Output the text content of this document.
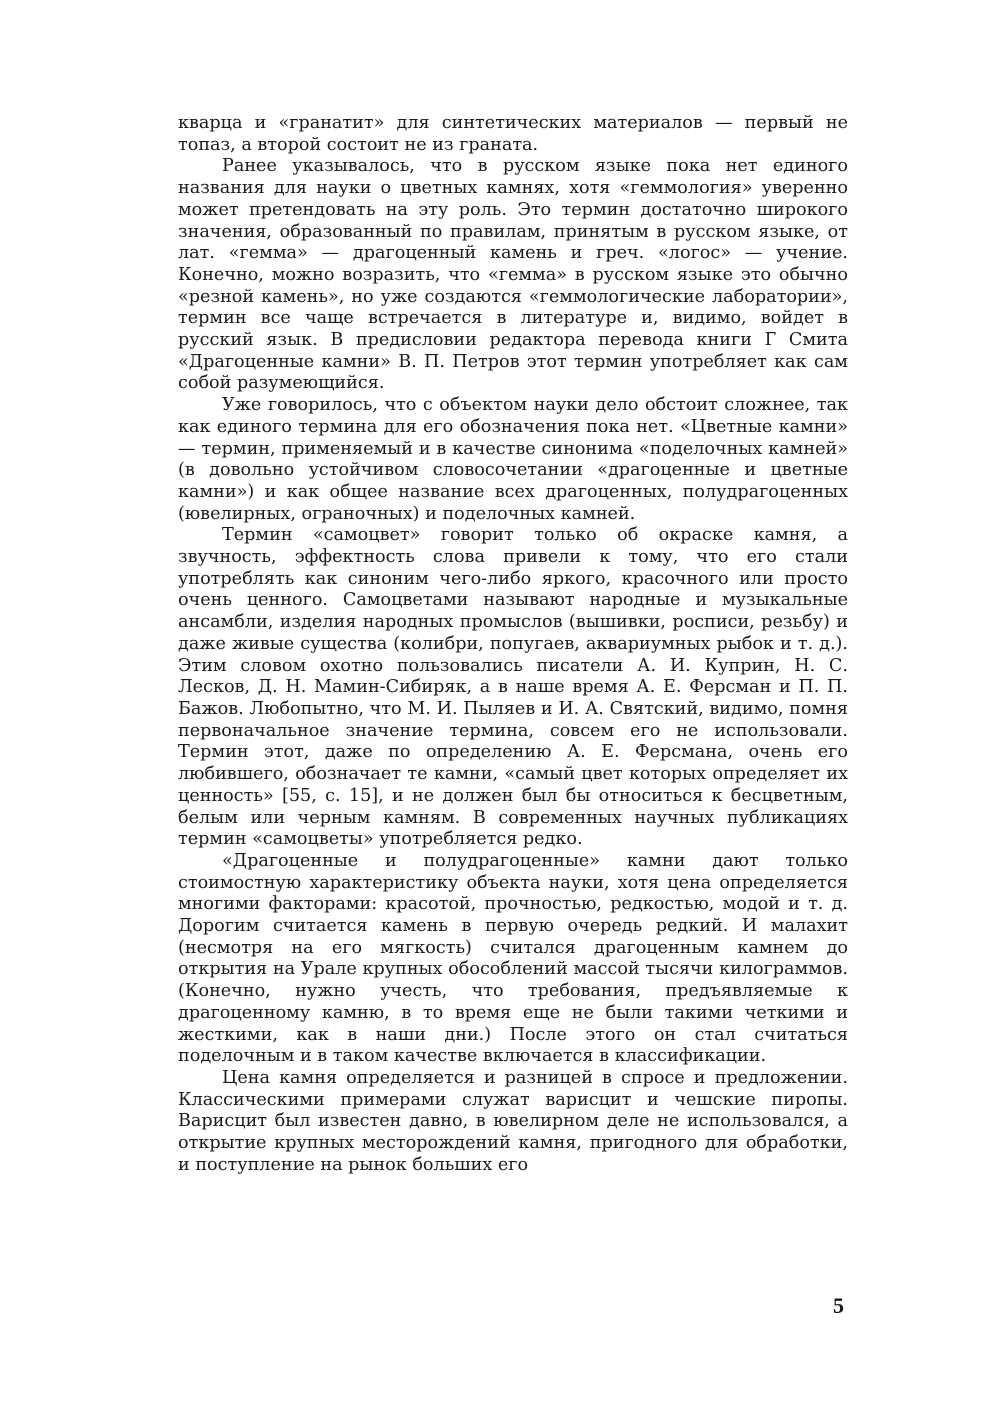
кварца и «гранатит» для синтетических материалов — первый не топаз, а второй состоит не из граната.

Ранее указывалось, что в русском языке пока нет единого названия для науки о цветных камнях, хотя «геммология» уверенно может претендовать на эту роль. Это термин достаточно широкого значения, образованный по правилам, принятым в русском языке, от лат. «гемма» — драгоценный камень и греч. «логос» — учение. Конечно, можно возразить, что «гемма» в русском языке это обычно «резной камень», но уже создаются «геммологические лаборатории», термин все чаще встречается в литературе и, видимо, войдет в русский язык. В предисловии редактора перевода книги Г Смита «Драгоценные камни» В. П. Петров этот термин употребляет как сам собой разумеющийся.

Уже говорилось, что с объектом науки дело обстоит сложнее, так как единого термина для его обозначения пока нет. «Цветные камни» — термин, применяемый и в качестве синонима «поделочных камней» (в довольно устойчивом словосочетании «драгоценные и цветные камни») и как общее название всех драгоценных, полудрагоценных (ювелирных, ограночных) и поделочных камней.

Термин «самоцвет» говорит только об окраске камня, а звучность, эффектность слова привели к тому, что его стали употреблять как синоним чего-либо яркого, красочного или просто очень ценного. Самоцветами называют народные и музыкальные ансамбли, изделия народных промыслов (вышивки, росписи, резьбу) и даже живые существа (колибри, попугаев, аквариумных рыбок и т. д.). Этим словом охотно пользовались писатели А. И. Куприн, Н. С. Лесков, Д. Н. Мамин-Сибиряк, а в наше время А. Е. Ферсман и П. П. Бажов. Любопытно, что М. И. Пыляев и И. А. Святский, видимо, помня первоначальное значение термина, совсем его не использовали. Термин этот, даже по определению А. Е. Ферсмана, очень его любившего, обозначает те камни, «самый цвет которых определяет их ценность» [55, с. 15], и не должен был бы относиться к бесцветным, белым или черным камням. В современных научных публикациях термин «самоцветы» употребляется редко.

«Драгоценные и полудрагоценные» камни дают только стоимостную характеристику объекта науки, хотя цена определяется многими факторами: красотой, прочностью, редкостью, модой и т. д. Дорогим считается камень в первую очередь редкий. И малахит (несмотря на его мягкость) считался драгоценным камнем до открытия на Урале крупных обособлений массой тысячи килограммов. (Конечно, нужно учесть, что требования, предъявляемые к драгоценному камню, в то время еще не были такими четкими и жесткими, как в наши дни.) После этого он стал считаться поделочным и в таком качестве включается в классификации.

Цена камня определяется и разницей в спросе и предложении. Классическими примерами служат варисцит и чешские пиропы. Варисцит был известен давно, в ювелирном деле не использовался, а открытие крупных месторождений камня, пригодного для обработки, и поступление на рынок больших его

5
